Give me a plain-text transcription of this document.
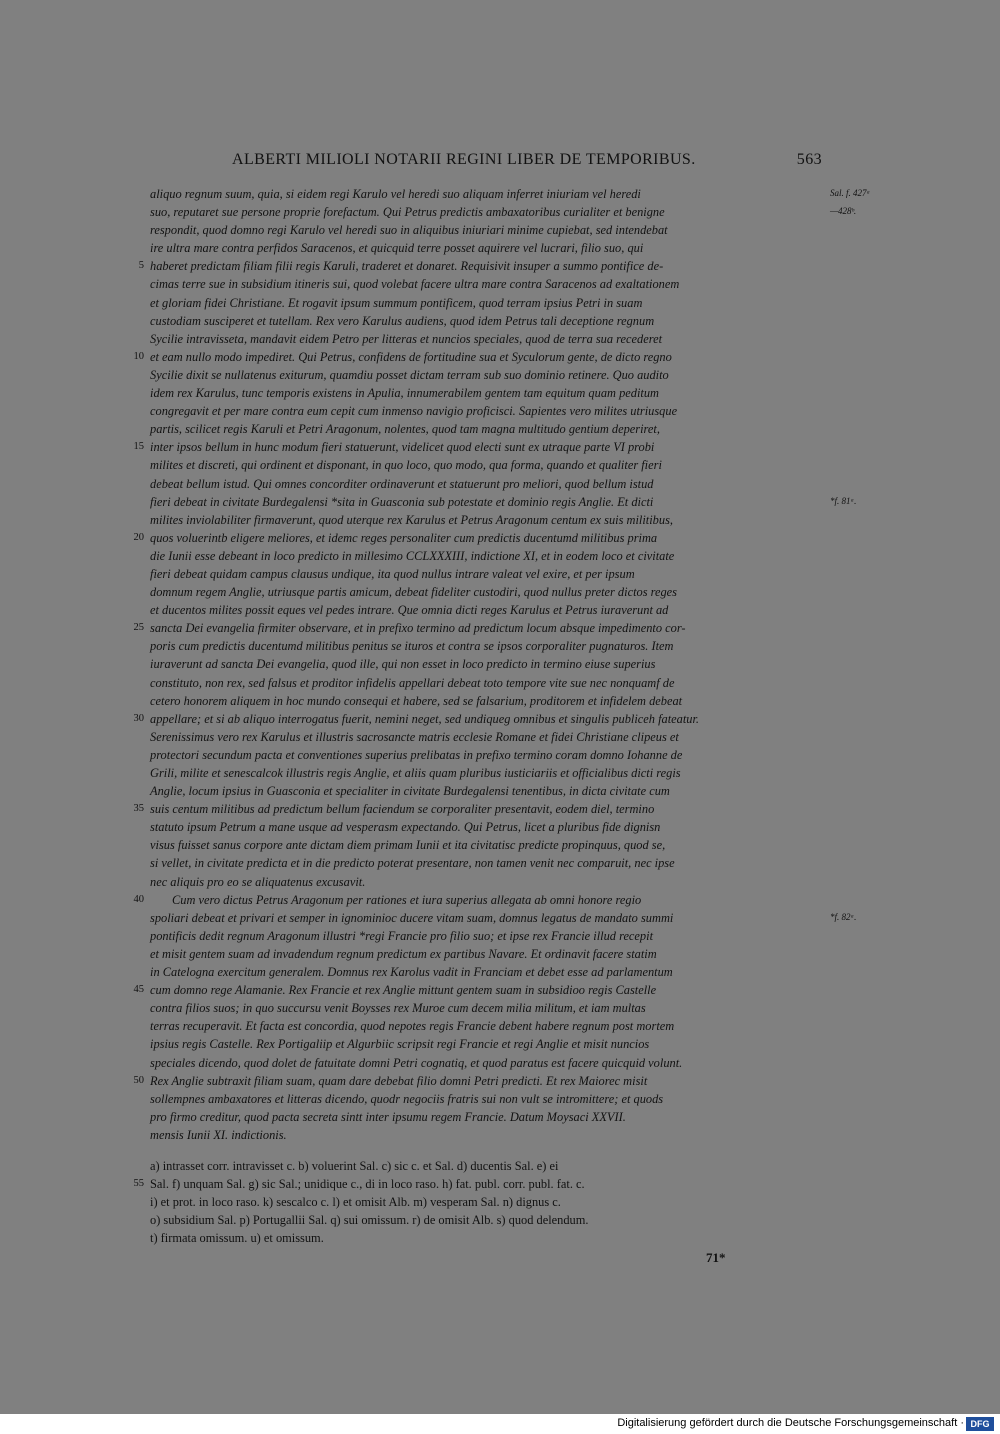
ALBERTI MILIOLI NOTARII REGINI LIBER DE TEMPORIBUS.	563
aliquo regnum suum, quia, si eidem regi Karulo vel heredi suo aliquam inferret iniuriam vel heredi
suo, reputaret sue persone proprie forefactum. Qui Petrus predictis ambaxatoribus curialiter et benigne
respondit, quod domno regi Karulo vel heredi suo in aliquibus iniuriari minime cupiebat, sed intendebat
ire ultra mare contra perfidos Saracenos, et quicquid terre posset aquirere vel lucrari, filio suo, qui
5 haberet predictam filiam filii regis Karuli, traderet et donaret. Requisivit insuper a summo pontifice de-
cimas terre sue in subsidium itineris sui, quod volebat facere ultra mare contra Saracenos ad exaltationem
et gloriam fidei Christiane. Et rogavit ipsum summum pontificem, quod terram ipsius Petri in suam
custodiam susciperet et tutellam. Rex vero Karulus audiens, quod idem Petrus tali deceptione regnum
Sycilie intravisseta, mandavit eidem Petro per litteras et nuncios speciales, quod de terra sua recederet
10 et eam nullo modo impediret. Qui Petrus, confidens de fortitudine sua et Syculorum gente, de dicto regno
Sycilie dixit se nullatenus exiturum, quamdiu posset dictam terram sub suo dominio retinere. Quo audito
idem rex Karulus, tunc temporis existens in Apulia, innumerabilem gentem tam equitum quam peditum
congregavit et per mare contra eum cepit cum inmenso navigio proficisci. Sapientes vero milites utriusque
partis, scilicet regis Karuli et Petri Aragonum, nolentes, quod tam magna multitudo gentium deperiret,
15 inter ipsos bellum in hunc modum fieri statuerunt, videlicet quod electi sunt ex utraque parte VI probi
milites et discreti, qui ordinent et disponant, in quo loco, quo modo, qua forma, quando et qualiter fieri
debeat bellum istud. Qui omnes concorditer ordinaverunt et statuerunt pro meliori, quod bellum istud
fieri debeat in civitate Burdegalensi *sita in Guasconia sub potestate et dominio regis Anglie. Et dicti
milites inviolabiliter firmaverunt, quod uterque rex Karulus et Petrus Aragonum centum ex suis militibus,
20 quos voluerintb eligere meliores, et idemc reges personaliter cum predictis ducentumd militibus prima
die Iunii esse debeant in loco predicto in millesimo CCLXXXIII, indictione XI, et in eodem loco et civitate
fieri debeat quidam campus clausus undique, ita quod nullus intrare valeat vel exire, et per ipsum
domnum regem Anglie, utriusque partis amicum, debeat fideliter custodiri, quod nullus preter dictos reges
et ducentos milites possit eques vel pedes intrare. Que omnia dicti reges Karulus et Petrus iuraverunt ad
25 sancta Dei evangelia firmiter observare, et in prefixo termino ad predictum locum absque impedimento cor-
poris cum predictis ducentumd militibus penitus se ituros et contra se ipsos corporaliter pugnaturos. Item
iuraverunt ad sancta Dei evangelia, quod ille, qui non esset in loco predicto in termino eiuse superius
constituto, non rex, sed falsus et proditor infidelis appellari debeat toto tempore vite sue nec nonquamf de
cetero honorem aliquem in hoc mundo consequi et habere, sed se falsarium, proditorem et infidelem debeat
30 appellare; et si ab aliquo interrogatus fuerit, nemini neget, sed undiqueg omnibus et singulis publiceh fateatur.
Serenissimus vero rex Karulus et illustris sacrosancte matris ecclesie Romane et fidei Christiane clipeus et
protectori secundum pacta et conventiones superius prelibatas in prefixo termino coram domno Iohanne de
Grili, milite et senescalcok illustris regis Anglie, et aliis quam pluribus iusticiariis et officialibus dicti regis
Anglie, locum ipsius in Guasconia et specialiter in civitate Burdegalensi tenentibus, in dicta civitate cum
35 suis centum militibus ad predictum bellum faciendum se corporaliter presentavit, eodem diel, termino
statuto ipsum Petrum a mane usque ad vesperasm expectando. Qui Petrus, licet a pluribus fide dignisn
visus fuisset sanus corpore ante dictam diem primam Iunii et ita civitatisc predicte propinquus, quod se,
si vellet, in civitate predicta et in die predicto poterat presentare, non tamen venit nec comparuit, nec ipse
nec aliquis pro eo se aliquatenus excusavit.
40 Cum vero dictus Petrus Aragonum per rationes et iura superius allegata ab omni honore regio
spoliari debeat et privari et semper in ignominioc ducere vitam suam, domnus legatus de mandato summi
pontificis dedit regnum Aragonum illustri *regi Francie pro filio suo; et ipse rex Francie illud recepit
et misit gentem suam ad invadendum regnum predictum ex partibus Navare. Et ordinavit facere statim
in Catelogna exercitum generalem. Domnus rex Karolus vadit in Franciam et debet esse ad parlamentum
45 cum domno rege Alamanie. Rex Francie et rex Anglie mittunt gentem suam in subsidioo regis Castelle
contra filios suos; in quo succursu venit Boysses rex Muroe cum decem milia militum, et iam multas
terras recuperavit. Et facta est concordia, quod nepotes regis Francie debent habere regnum post mortem
ipsius regis Castelle. Rex Portigaliip et Algurbiic scripsit regi Francie et regi Anglie et misit nuncios
speciales dicendo, quod dolet de fatuitate domni Petri cognatiq, et quod paratus est facere quicquid volunt.
50 Rex Anglie subtraxit filiam suam, quam dare debebat filio domni Petri predicti. Et rex Maiorec misit
sollempnes ambaxatores et litteras dicendo, quodr negociis fratris sui non vult se intromittere; et quods
pro firmo creditur, quod pacta secreta sintt inter ipsumu regem Francie. Datum Moysaci XXVII.
mensis Iunii XI. indictionis.
Sal. f. 427ᵃ
—428ᵇ.
*f. 81ᵃ.
*f. 82ᵃ.
a) intrasset corr. intravisset c. b) voluerint Sal. c) sic c. et Sal. d) ducentis Sal. e) ei
55 Sal. f) unquam Sal. g) sic Sal.; unidique c., di in loco raso. h) fat. publ. corr. publ. fat. c.
i) et prot. in loco raso. k) sescalco c. l) et omisit Alb. m) vesperam Sal. n) dignus c.
o) subsidium Sal. p) Portugallii Sal. q) sui omissum. r) de omisit Alb. s) quod delendum.
t) firmata omissum. u) et omissum.
71*
Digitalisierung gefördert durch die Deutsche Forschungsgemeinschaft · DFG
